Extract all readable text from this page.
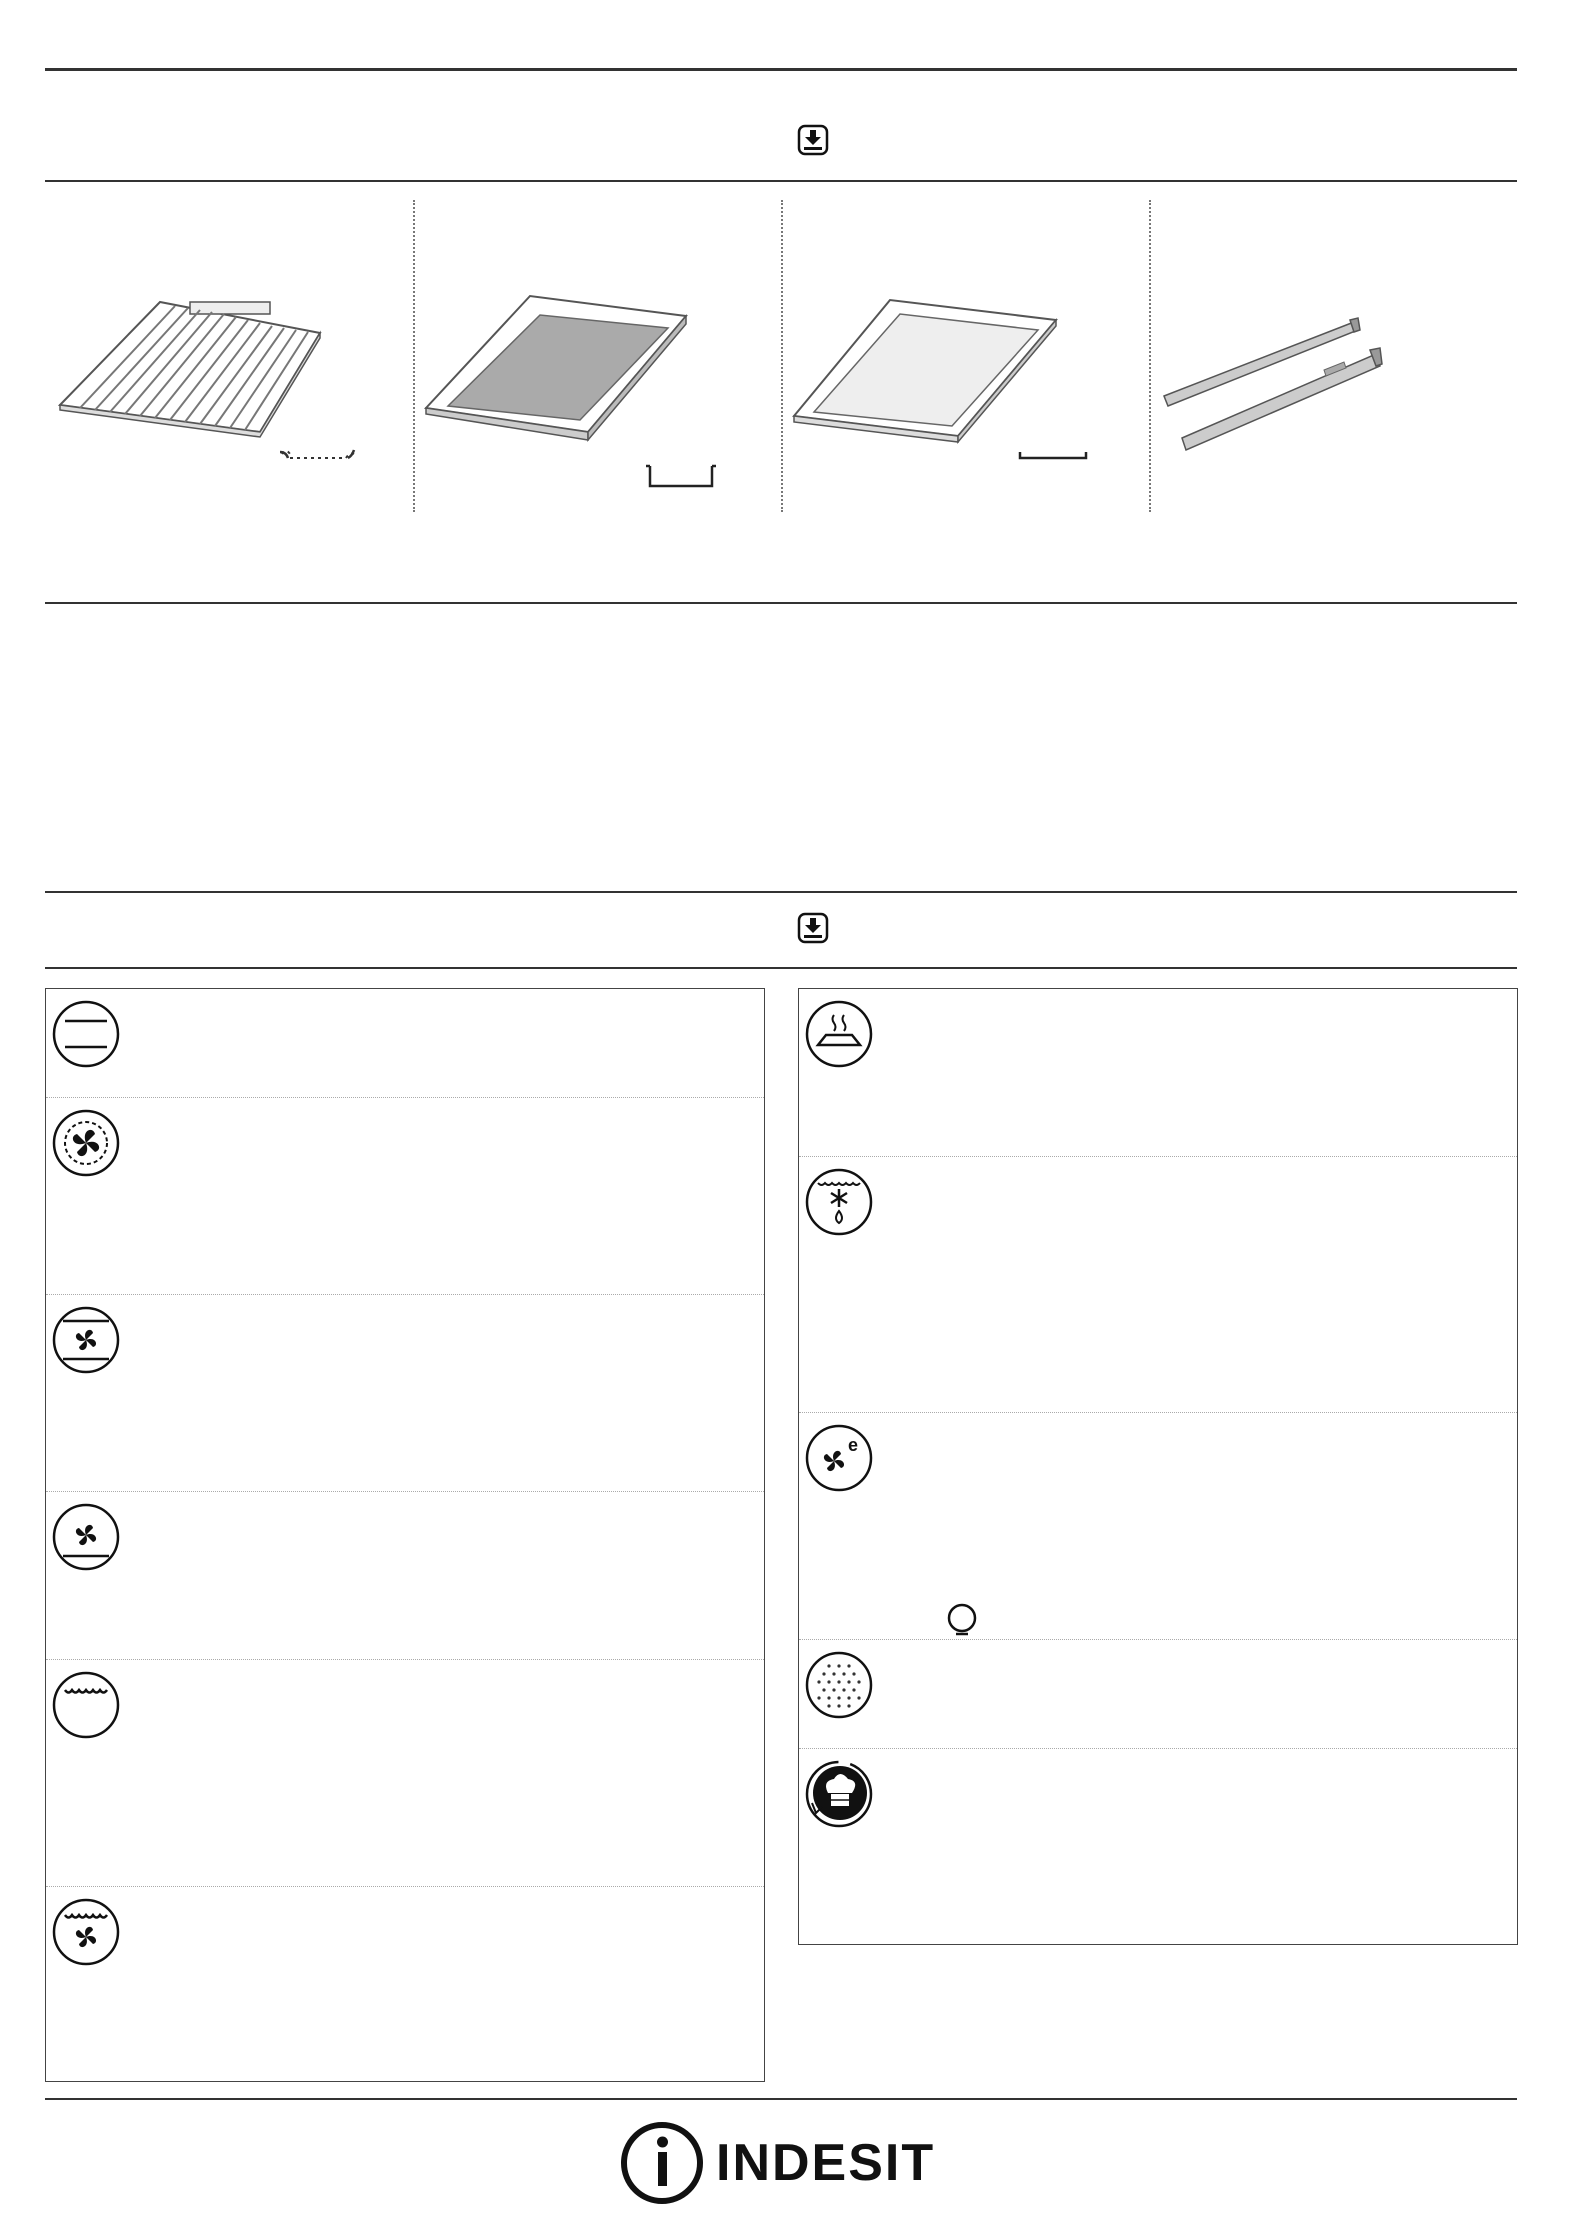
e
INDESIT
